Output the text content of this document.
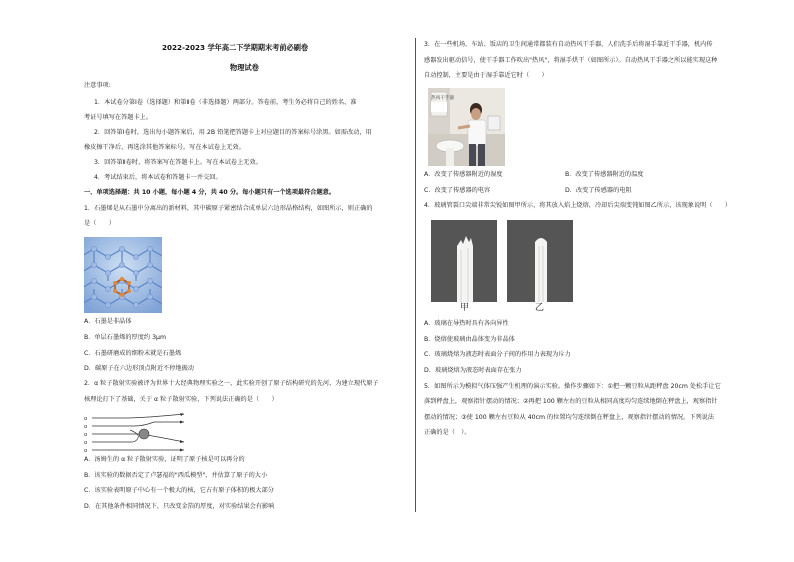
2022-2023 学年高二下学期期末考前必刷卷
物理试卷
注意事项:
1．本试卷分第Ⅰ卷（选择题）和第Ⅱ卷（非选择题）两部分。答卷前，考生务必将自己的姓名、准
考证号填写在答题卡上。
2．回答第Ⅰ卷时，选出每小题答案后，用 2B 铅笔把答题卡上对应题目的答案标号涂黑。如需改动，用
橡皮擦干净后，再选涂其他答案标号。写在本试卷上无效。
3．回答第Ⅱ卷时，将答案写在答题卡上。写在本试卷上无效。
4．考试结束后，将本试卷和答题卡一并交回。
一、单项选择题：共 10 小题，每小题 4 分，共 40 分。每小题只有一个选项最符合题意。
1．石墨烯是从石墨中分离出的新材料，其中碳原子紧密结合成单层六边形晶格结构，如图所示，则正确的
是（　　）
A．石墨是非晶体
B．单层石墨烯的厚度约 3μm
C．石墨研磨成的细粉末就是石墨烯
D．碳原子在六边形顶点附近不停地振动
2．α 粒子散射实验被评为世界十大经典物理实验之一，此实验开创了原子结构研究的先河，为建立现代原子
核理论打下了基础，关于 α 粒子散射实验，下列说法正确的是（　　）
α
α
α
α
α
A．汤姆生的 α 粒子散射实验，证明了原子核是可以再分的
B．该实验的数据否定了卢瑟福的"西瓜模型"，并估算了原子的大小
C．该实验表明原子中心有一个极大的核，它占有原子体积的极大部分
D．在其他条件相同情况下，只改变金箔的厚度，对实验结果会有影响
3．在一些机场、车站、饭店的卫生间通常都装有自动热风干手器，人们洗手后将湿手靠近干手器，机内传
感器发出驱动信号，使干手器工作吹出"热风"，将湿手烘干（如图所示）。自动热风干手器之所以能实现这种
自动控制，主要是由于湿手靠近它时（　　）
热风干手器
A．改变了传感器附近的湿度	B．改变了传感器附近的温度
C．改变了传感器的电容	D．改变了传感器的电阻
4．玻璃管裂口尖端非常尖锐如图甲所示，将其放入焰上烧熔，冷却后尖端变钝如图乙所示，该现象说明（　　）
甲	乙
A．玻璃在导热时具有各向异性
B．烧熔使玻璃由晶体变为非晶体
C．玻璃烧熔为液态时表面分子间的作用力表现为斥力
D．玻璃烧熔为液态时表面存在张力
5．如图所示为模拟气体压强产生机理的演示实验。操作步骤如下：①把一颗豆粒从距秤盘 20cm 处松手让它
落到秤盘上，观察指针摆动的情况；②再把 100 颗左右的豆粒从相同高度均匀连续地倒在秤盘上，观察指针
摆动的情况；③使 100 颗左右豆粒从 40cm 的位置均匀连续倒在秤盘上，观察指针摆动的情况。下列说法
正确的是（　）。
